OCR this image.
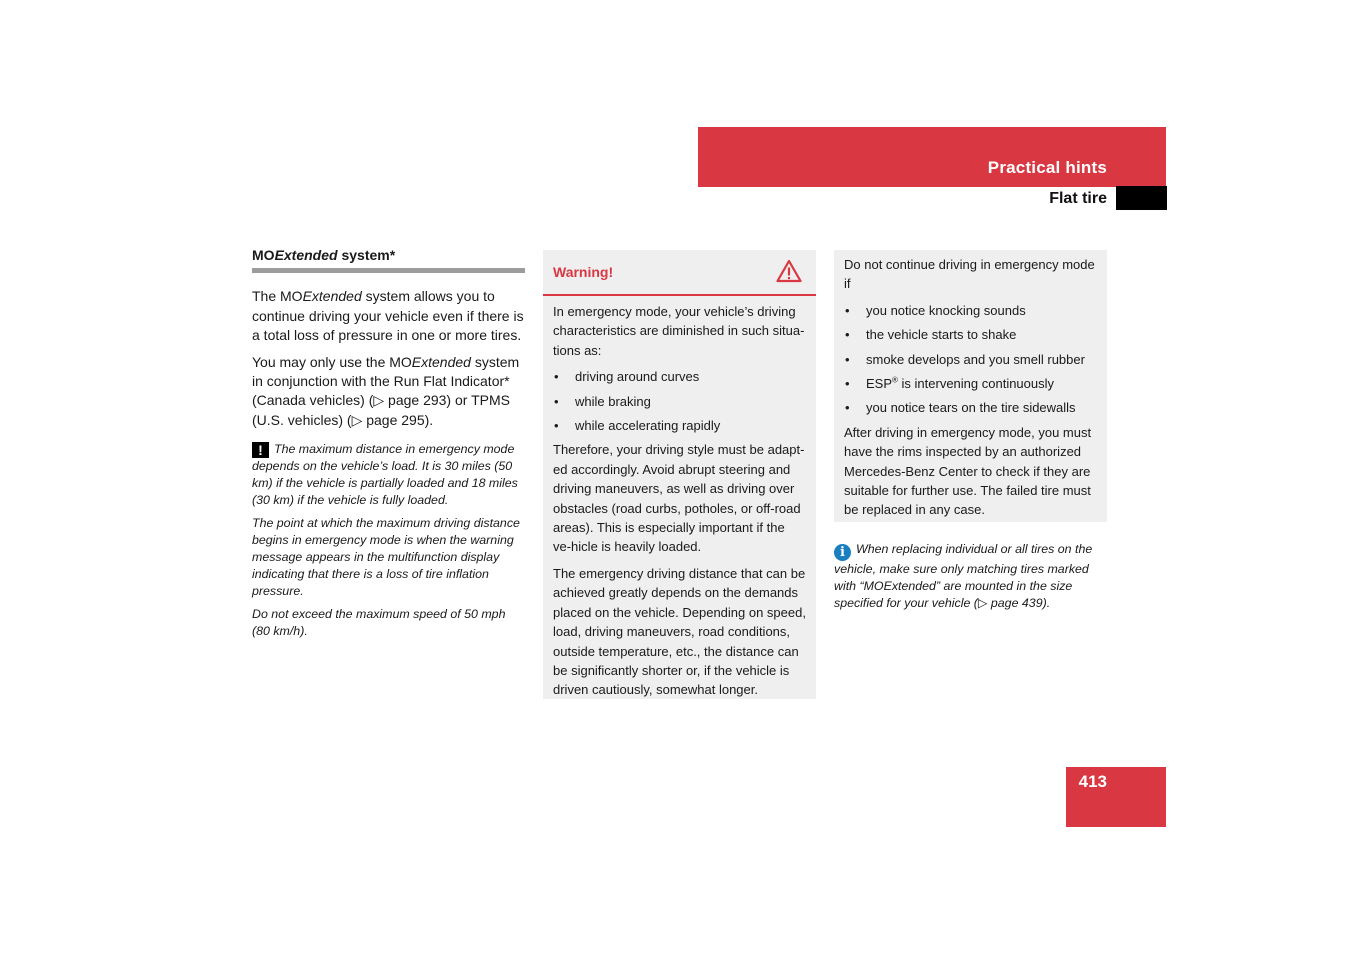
Practical hints
Flat tire
MOExtended system*

The MOExtended system allows you to continue driving your vehicle even if there is a total loss of pressure in one or more tires.

You may only use the MOExtended system in conjunction with the Run Flat Indicator* (Canada vehicles) (▷ page 293) or TPMS (U.S. vehicles) (▷ page 295).

! The maximum distance in emergency mode depends on the vehicle’s load. It is 30 miles (50 km) if the vehicle is partially loaded and 18 miles (30 km) if the vehicle is fully loaded.

The point at which the maximum driving distance begins in emergency mode is when the warning message appears in the multifunction display indicating that there is a loss of tire inflation pressure.

Do not exceed the maximum speed of 50 mph (80 km/h).

Warning!

In emergency mode, your vehicle’s driving characteristics are diminished in such situa-tions as:

• driving around curves
• while braking
• while accelerating rapidly

Therefore, your driving style must be adapt-ed accordingly. Avoid abrupt steering and driving maneuvers, as well as driving over obstacles (road curbs, potholes, or off-road areas). This is especially important if the ve-hicle is heavily loaded.

The emergency driving distance that can be achieved greatly depends on the demands placed on the vehicle. Depending on speed, load, driving maneuvers, road conditions, outside temperature, etc., the distance can be significantly shorter or, if the vehicle is driven cautiously, somewhat longer.

Do not continue driving in emergency mode if

• you notice knocking sounds
• the vehicle starts to shake
• smoke develops and you smell rubber
• ESP® is intervening continuously
• you notice tears on the tire sidewalls

After driving in emergency mode, you must have the rims inspected by an authorized Mercedes-Benz Center to check if they are suitable for further use. The failed tire must be replaced in any case.

i When replacing individual or all tires on the vehicle, make sure only matching tires marked with “MOExtended” are mounted in the size specified for your vehicle (▷ page 439).
413
